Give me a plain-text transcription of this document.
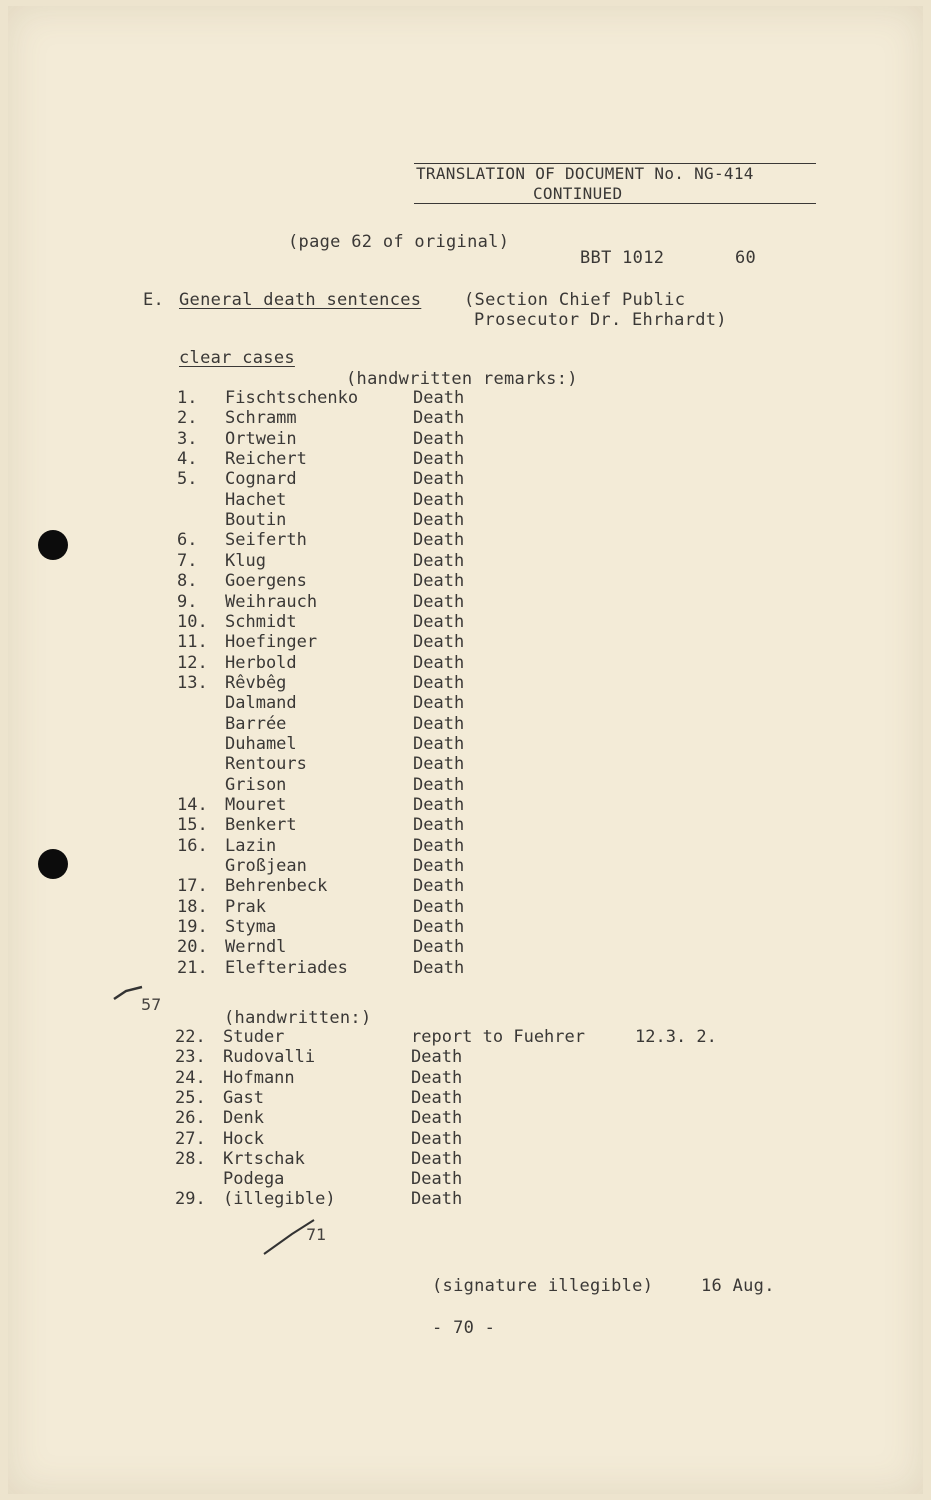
TRANSLATION OF DOCUMENT No. NG-414
CONTINUED
(page 62 of original)
BBT 1012	60
E. General death sentences	(Section Chief Public
Prosecutor Dr. Ehrhardt)
clear cases
(handwritten remarks:)
1.	Fischtschenko	Death
2.	Schramm	Death
3.	Ortwein	Death
4.	Reichert	Death
5.	Cognard	Death
Hachet	Death
Boutin	Death
6.	Seiferth	Death
7.	Klug	Death
8.	Goergens	Death
9.	Weihrauch	Death
10.	Schmidt	Death
11.	Hoefinger	Death
12.	Herbold	Death
13.	Rêvbêg	Death
Dalmand	Death
Barrée	Death
Duhamel	Death
Rentours	Death
Grison	Death
14.	Mouret	Death
15.	Benkert	Death
16.	Lazin	Death
Großjean	Death
17.	Behrenbeck	Death
18.	Prak	Death
19.	Styma	Death
20.	Werndl	Death
21.	Elefteriades	Death
57
(handwritten:)
22.	Studer	report to Fuehrer	12.3. 2.
23.	Rudovalli	Death
24.	Hofmann	Death
25.	Gast	Death
26.	Denk	Death
27.	Hock	Death
28.	Krtschak	Death
Podega	Death
29.	(illegible)	Death
71
(signature illegible)	16 Aug.
- 70 -
